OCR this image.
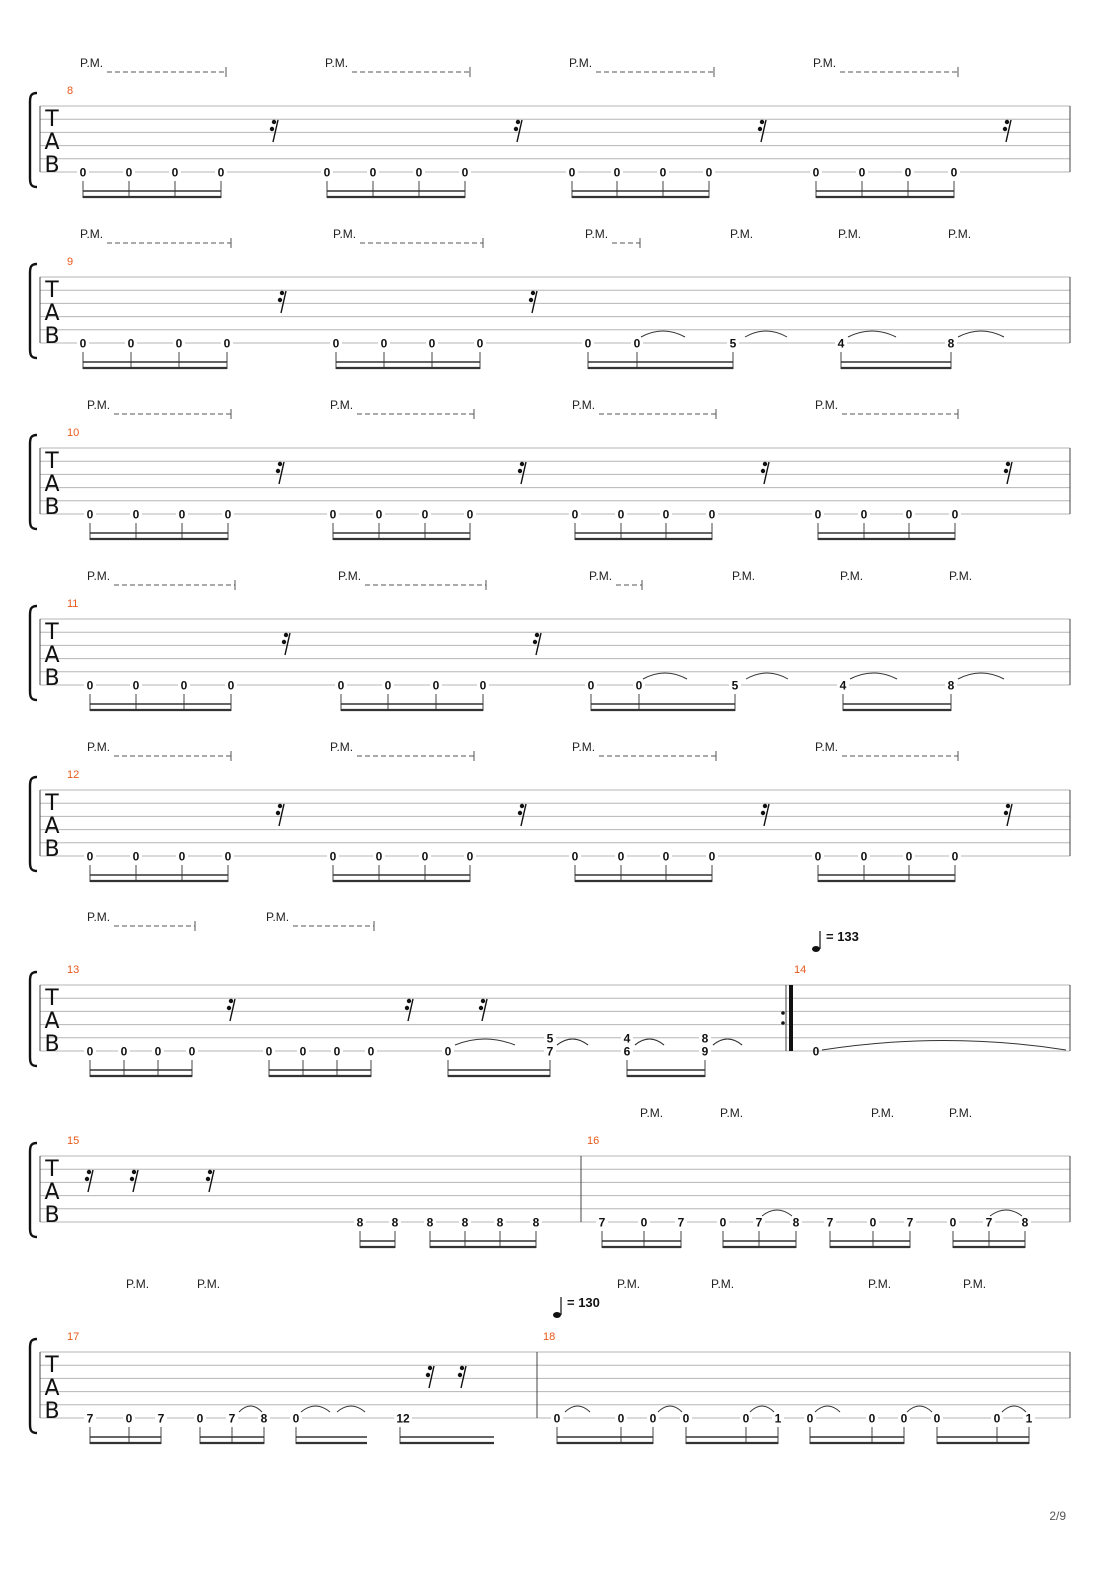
T
A
B
8
P.M.	P.M.	P.M.	P.M.
0	0	0	0	0	0	0	0	0	0	0	0	0	0	0	0
T
A
B
9
P.M.	P.M.	P.M.	P.M.	P.M.	P.M.
0	0	0	0	0	0	0	0	0	0	5	4	8
T
A
B
10
P.M.	P.M.	P.M.	P.M.
0	0	0	0	0	0	0	0	0	0	0	0	0	0	0	0
T
A
B
11
P.M.	P.M.	P.M.	P.M.	P.M.	P.M.
0	0	0	0	0	0	0	0	0	0	5	4	8
T
A
B
12
P.M.	P.M.	P.M.	P.M.
0	0	0	0	0	0	0	0	0	0	0	0	0	0	0	0
T
A
B
13	14
P.M.	P.M.
0 0 0 0	0 0 0 0	0	7
5
6
4
9
8
0
= 133
T
A
B
15	16
P.M.	P.M.	P.M.	P.M.
8 8 8 8 8 8	7	0	7	0 7	8 7	0	7	0 7 8
T
A
B
17	18
P.M.	P.M.	P.M.	P.M.	P.M.	P.M.
7	0 7	0 7 8 0	12	0	0 0 0	0 1 0	0 0 0	0 1
= 130
2/9
